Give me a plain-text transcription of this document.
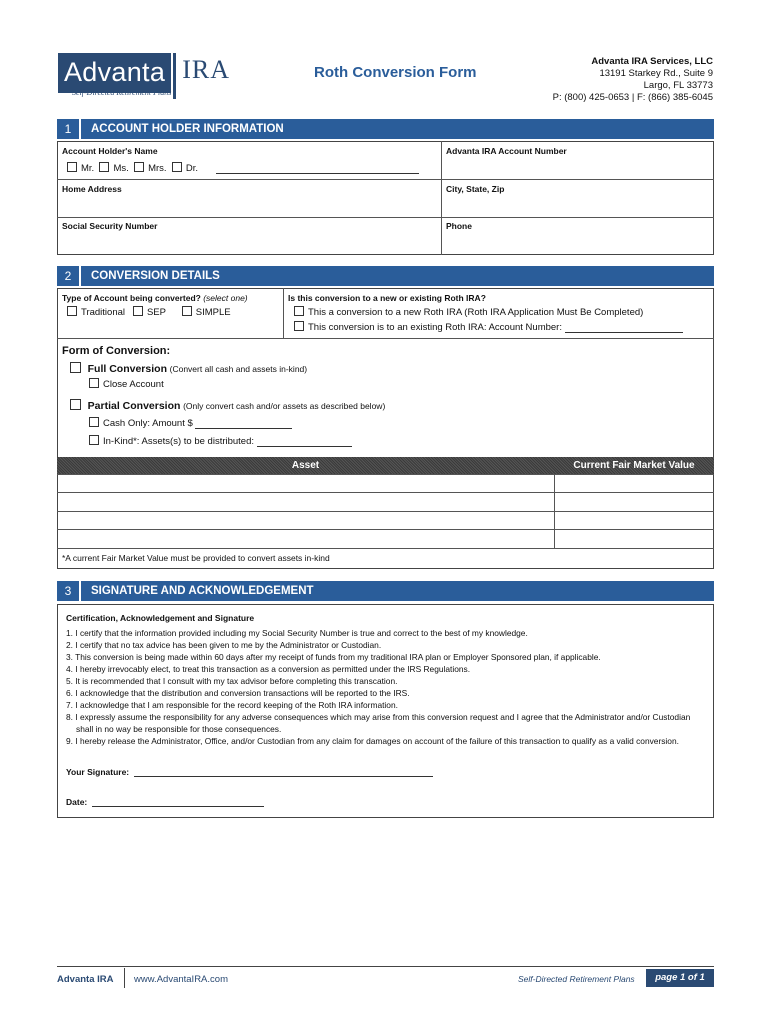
Advanta IRA
Self-Directed Retirement Plans
Roth Conversion Form
Advanta IRA Services, LLC
13191 Starkey Rd., Suite 9
Largo, FL 33773
P: (800) 425-0653 | F: (866) 385-6045
1	ACCOUNT HOLDER INFORMATION
Account Holder's Name
Mr. Ms. Mrs. Dr.
Advanta IRA Account Number
Home Address	City, State, Zip
Social Security Number	Phone
2	CONVERSION DETAILS
Type of Account being converted? (select one)
Traditional SEP	SIMPLE
Is this conversion to a new or existing Roth IRA?
This a conversion to a new Roth IRA (Roth IRA Application Must Be Completed)
This conversion is to an existing Roth IRA: Account Number:
Form of Conversion:
Full Conversion (Convert all cash and assets in-kind)
Close Account
Partial Conversion (Only convert cash and/or assets as described below)
Cash Only: Amount $
In-Kind*: Assets(s) to be distributed:
Asset	Current Fair Market Value
*A current Fair Market Value must be provided to convert assets in-kind
3	SIGNATURE AND ACKNOWLEDGEMENT
Certification, Acknowledgement and Signature
1. I certify that the information provided including my Social Security Number is true and correct to the best of my knowledge.
2. I certify that no tax advice has been given to me by the Administrator or Custodian.
3. This conversion is being made within 60 days after my receipt of funds from my traditional IRA plan or Employer Sponsored plan, if applicable.
4. I hereby irrevocably elect, to treat this transaction as a conversion as permitted under the IRS Regulations.
5. It is recommended that I consult with my tax advisor before completing this transcation.
6. I acknowledge that the distribution and conversion transactions will be reported to the IRS.
7. I acknowledge that I am responsible for the record keeping of the Roth IRA information.
8. I expressly assume the responsibility for any adverse consequences which may arise from this conversion request and I agree that the Administrator and/or Custodian shall in no way be responsible for those consequences.
9. I hereby release the Administrator, Office, and/or Custodian from any claim for damages on account of the failure of this transaction to qualify as a valid conversion.
Your Signature:
Date:
Advanta IRA www.AdvantaIRA.com	Self-Directed Retirement Plans	page 1 of 1
